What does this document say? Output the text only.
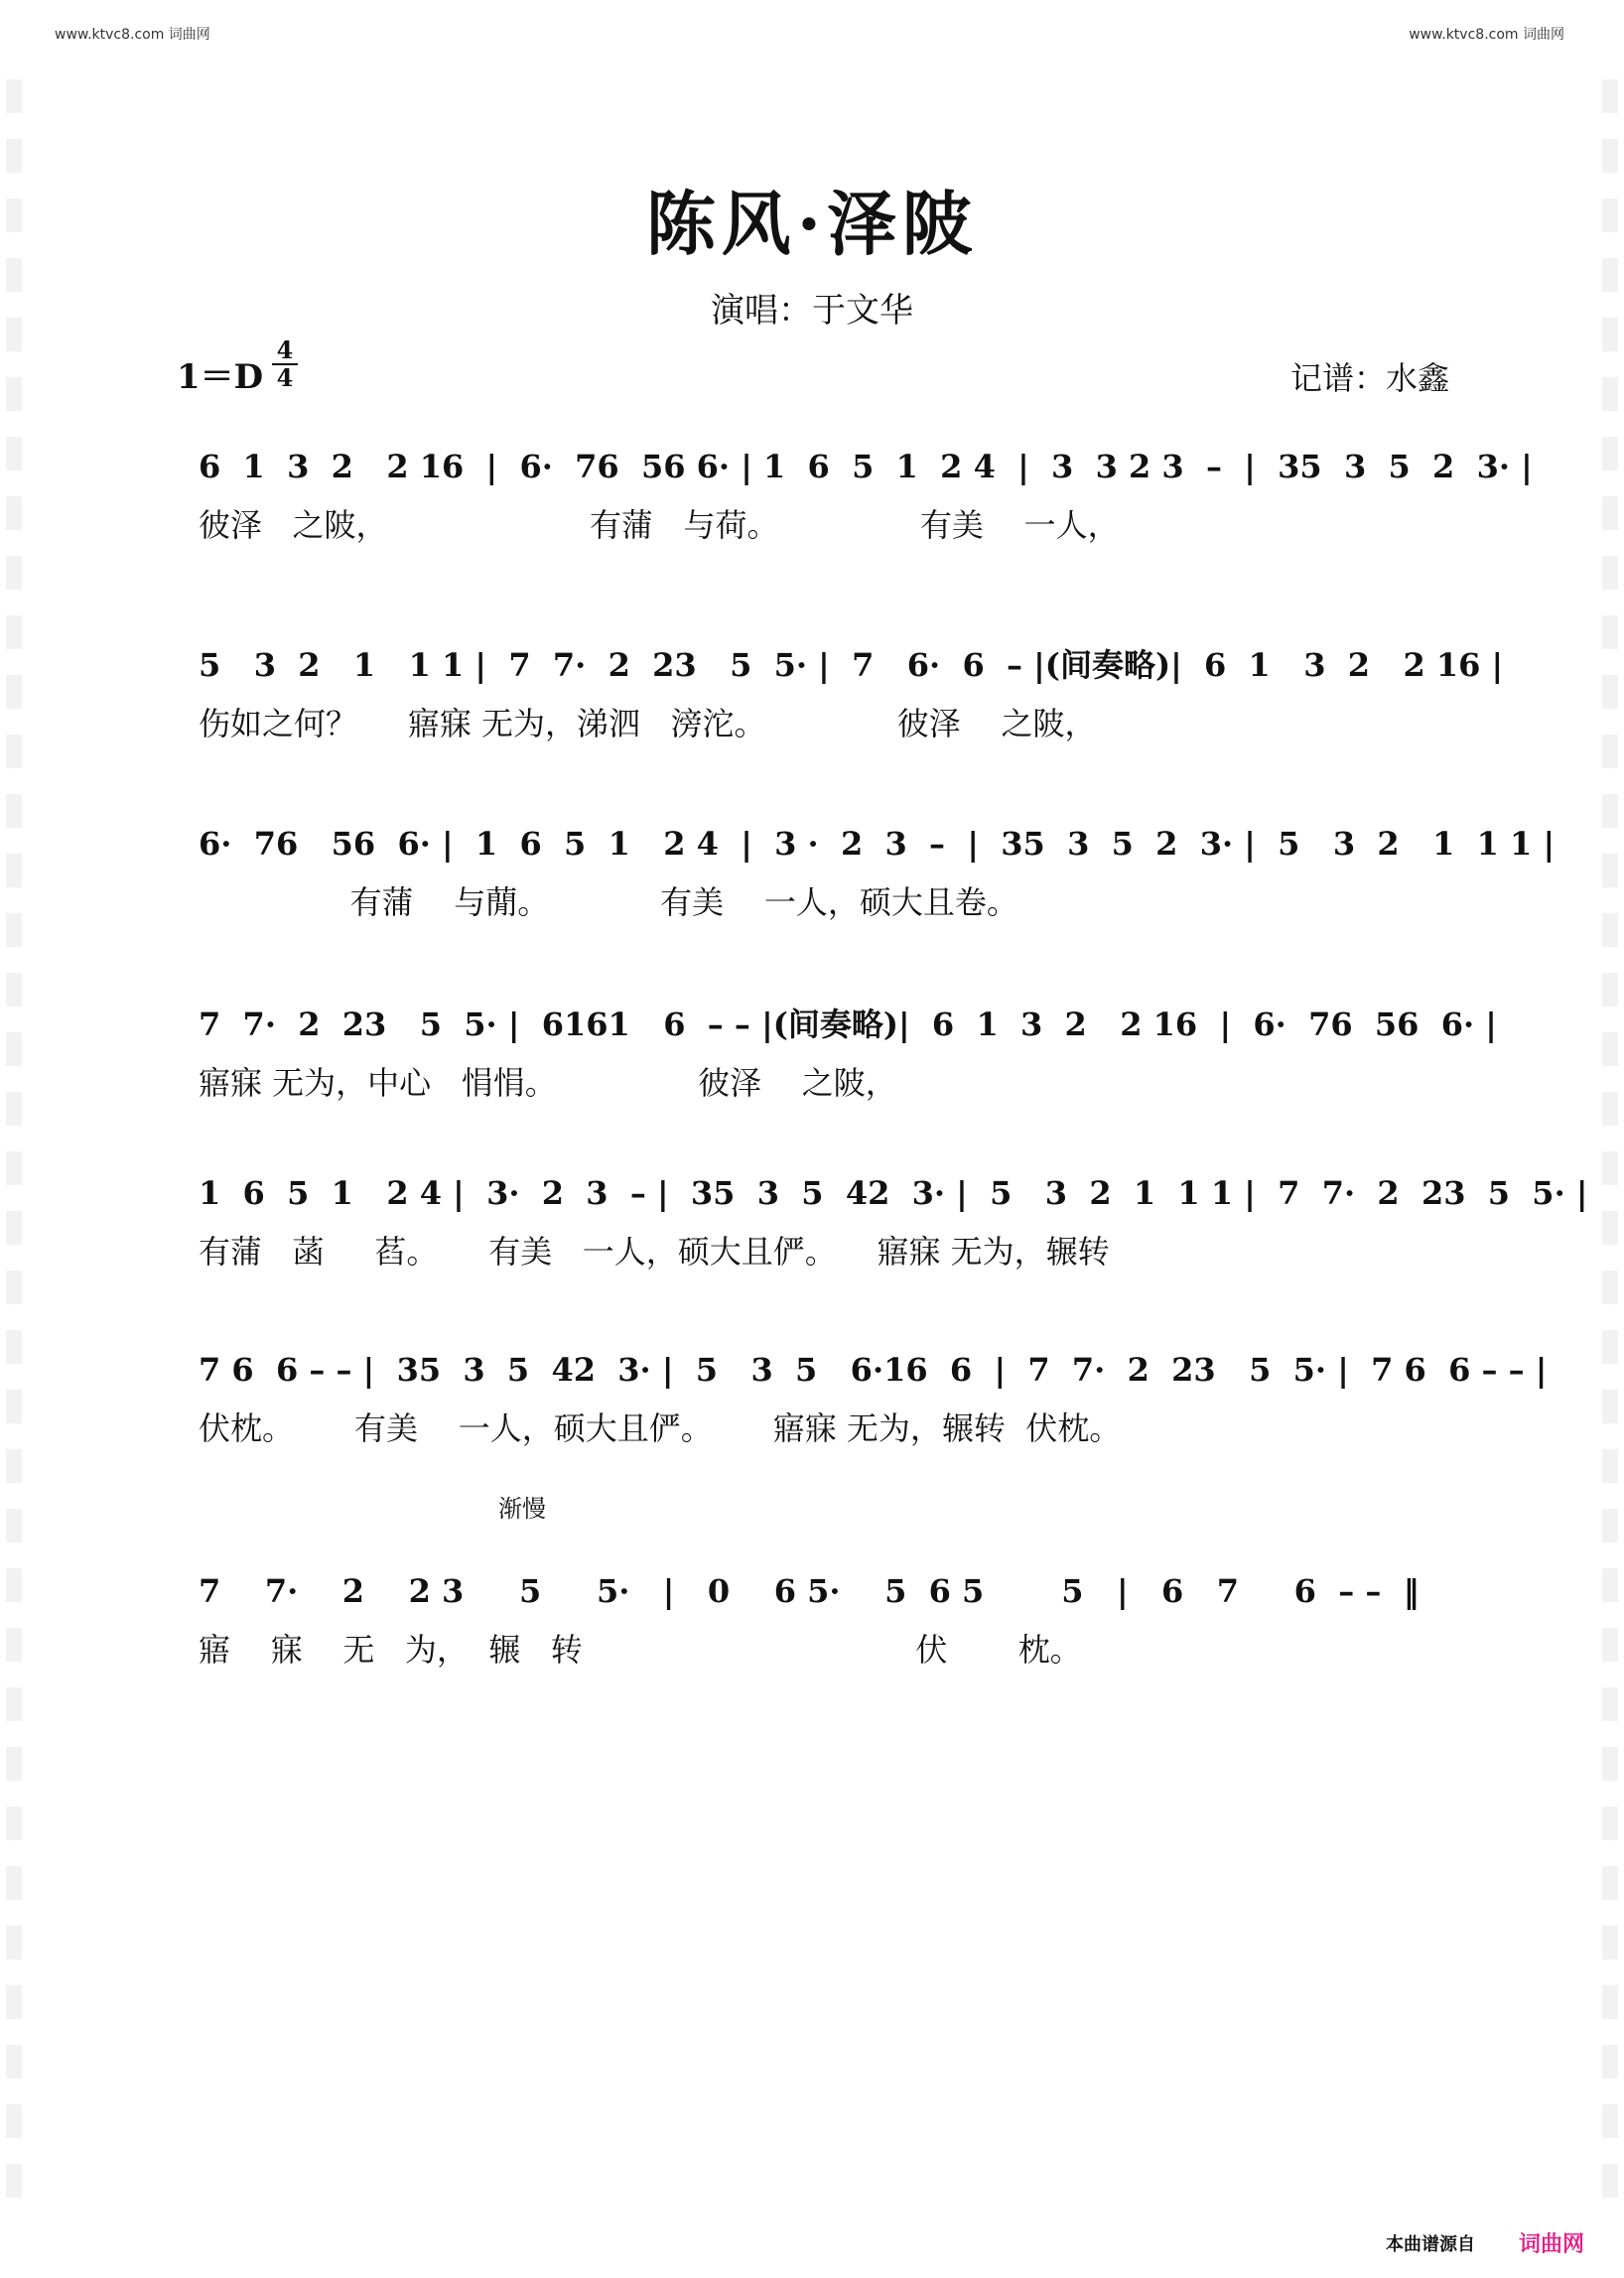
www.ktvc8.com 词曲网	www.ktvc8.com 词曲网
陈风·泽陂
演唱：于文华
1＝D
4
4	记谱：水鑫
6  1  3  2   2 16  |  6·  76  56 6· | 1  6  5  1  2 4  |  3  3 2 3  –  |  35  3  5  2  3· |
彼泽   之陂，                    有蒲   与荷。              有美    一人，
5   3  2   1   1 1 |  7  7·  2  23   5  5· |  7   6·  6  – |(间奏略)|  6  1   3  2   2 16 |
伤如之何？     寤寐 无为，涕泗   滂沱。             彼泽    之陂，
6·  76   56  6· |  1  6  5  1   2 4  |  3 ·  2  3  –  |  35  3  5  2  3· |  5   3  2   1  1 1 |
有蒲    与蕑。           有美    一人，硕大且卷。
7  7·  2  23   5  5· |  6161   6  – – |(间奏略)|  6  1  3  2   2 16  |  6·  76  56  6· |
寤寐 无为，中心   悁悁。              彼泽    之陂，
1  6  5  1   2 4 |  3·  2  3  – |  35  3  5  42  3· |  5   3  2  1  1 1 |  7  7·  2  23  5  5· |
有蒲   菡     萏。     有美   一人，硕大且俨。    寤寐 无为，辗转
7 6  6 – – |  35  3  5  42  3· |  5   3  5   6·16  6  |  7  7·  2  23   5  5· |  7 6  6 – – |
伏枕。      有美    一人，硕大且俨。      寤寐 无为，辗转  伏枕。
渐慢
7    7·    2    2 3     5     5·   |   0    6 5·    5  6 5       5   |   6   7     6  – –  ‖
寤    寐    无   为，  辗   转                                 伏       枕。
本曲谱源自 词曲网
